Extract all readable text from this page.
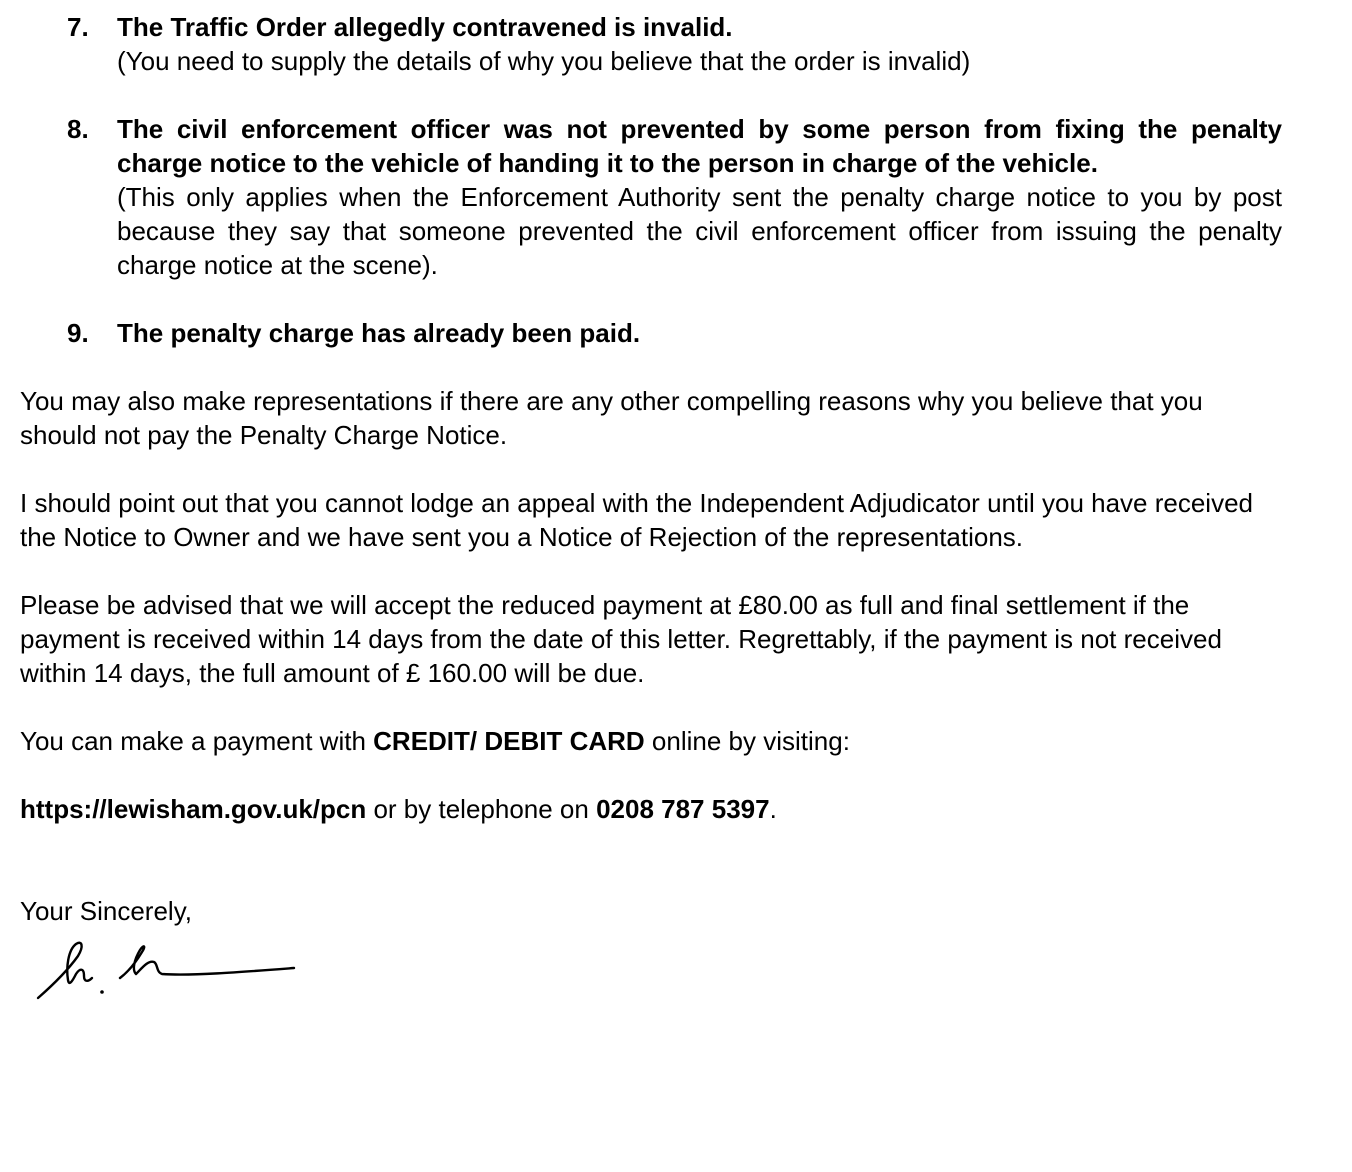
7. The Traffic Order allegedly contravened is invalid.
(You need to supply the details of why you believe that the order is invalid)
8. The civil enforcement officer was not prevented by some person from fixing the penalty charge notice to the vehicle of handing it to the person in charge of the vehicle.
(This only applies when the Enforcement Authority sent the penalty charge notice to you by post because they say that someone prevented the civil enforcement officer from issuing the penalty charge notice at the scene).
9. The penalty charge has already been paid.

You may also make representations if there are any other compelling reasons why you believe that you should not pay the Penalty Charge Notice.

I should point out that you cannot lodge an appeal with the Independent Adjudicator until you have received the Notice to Owner and we have sent you a Notice of Rejection of the representations.

Please be advised that we will accept the reduced payment at £80.00 as full and final settlement if the payment is received within 14 days from the date of this letter. Regrettably, if the payment is not received within 14 days, the full amount of £ 160.00 will be due.

You can make a payment with CREDIT/ DEBIT CARD online by visiting:

https://lewisham.gov.uk/pcn or by telephone on 0208 787 5397.

Your Sincerely,
